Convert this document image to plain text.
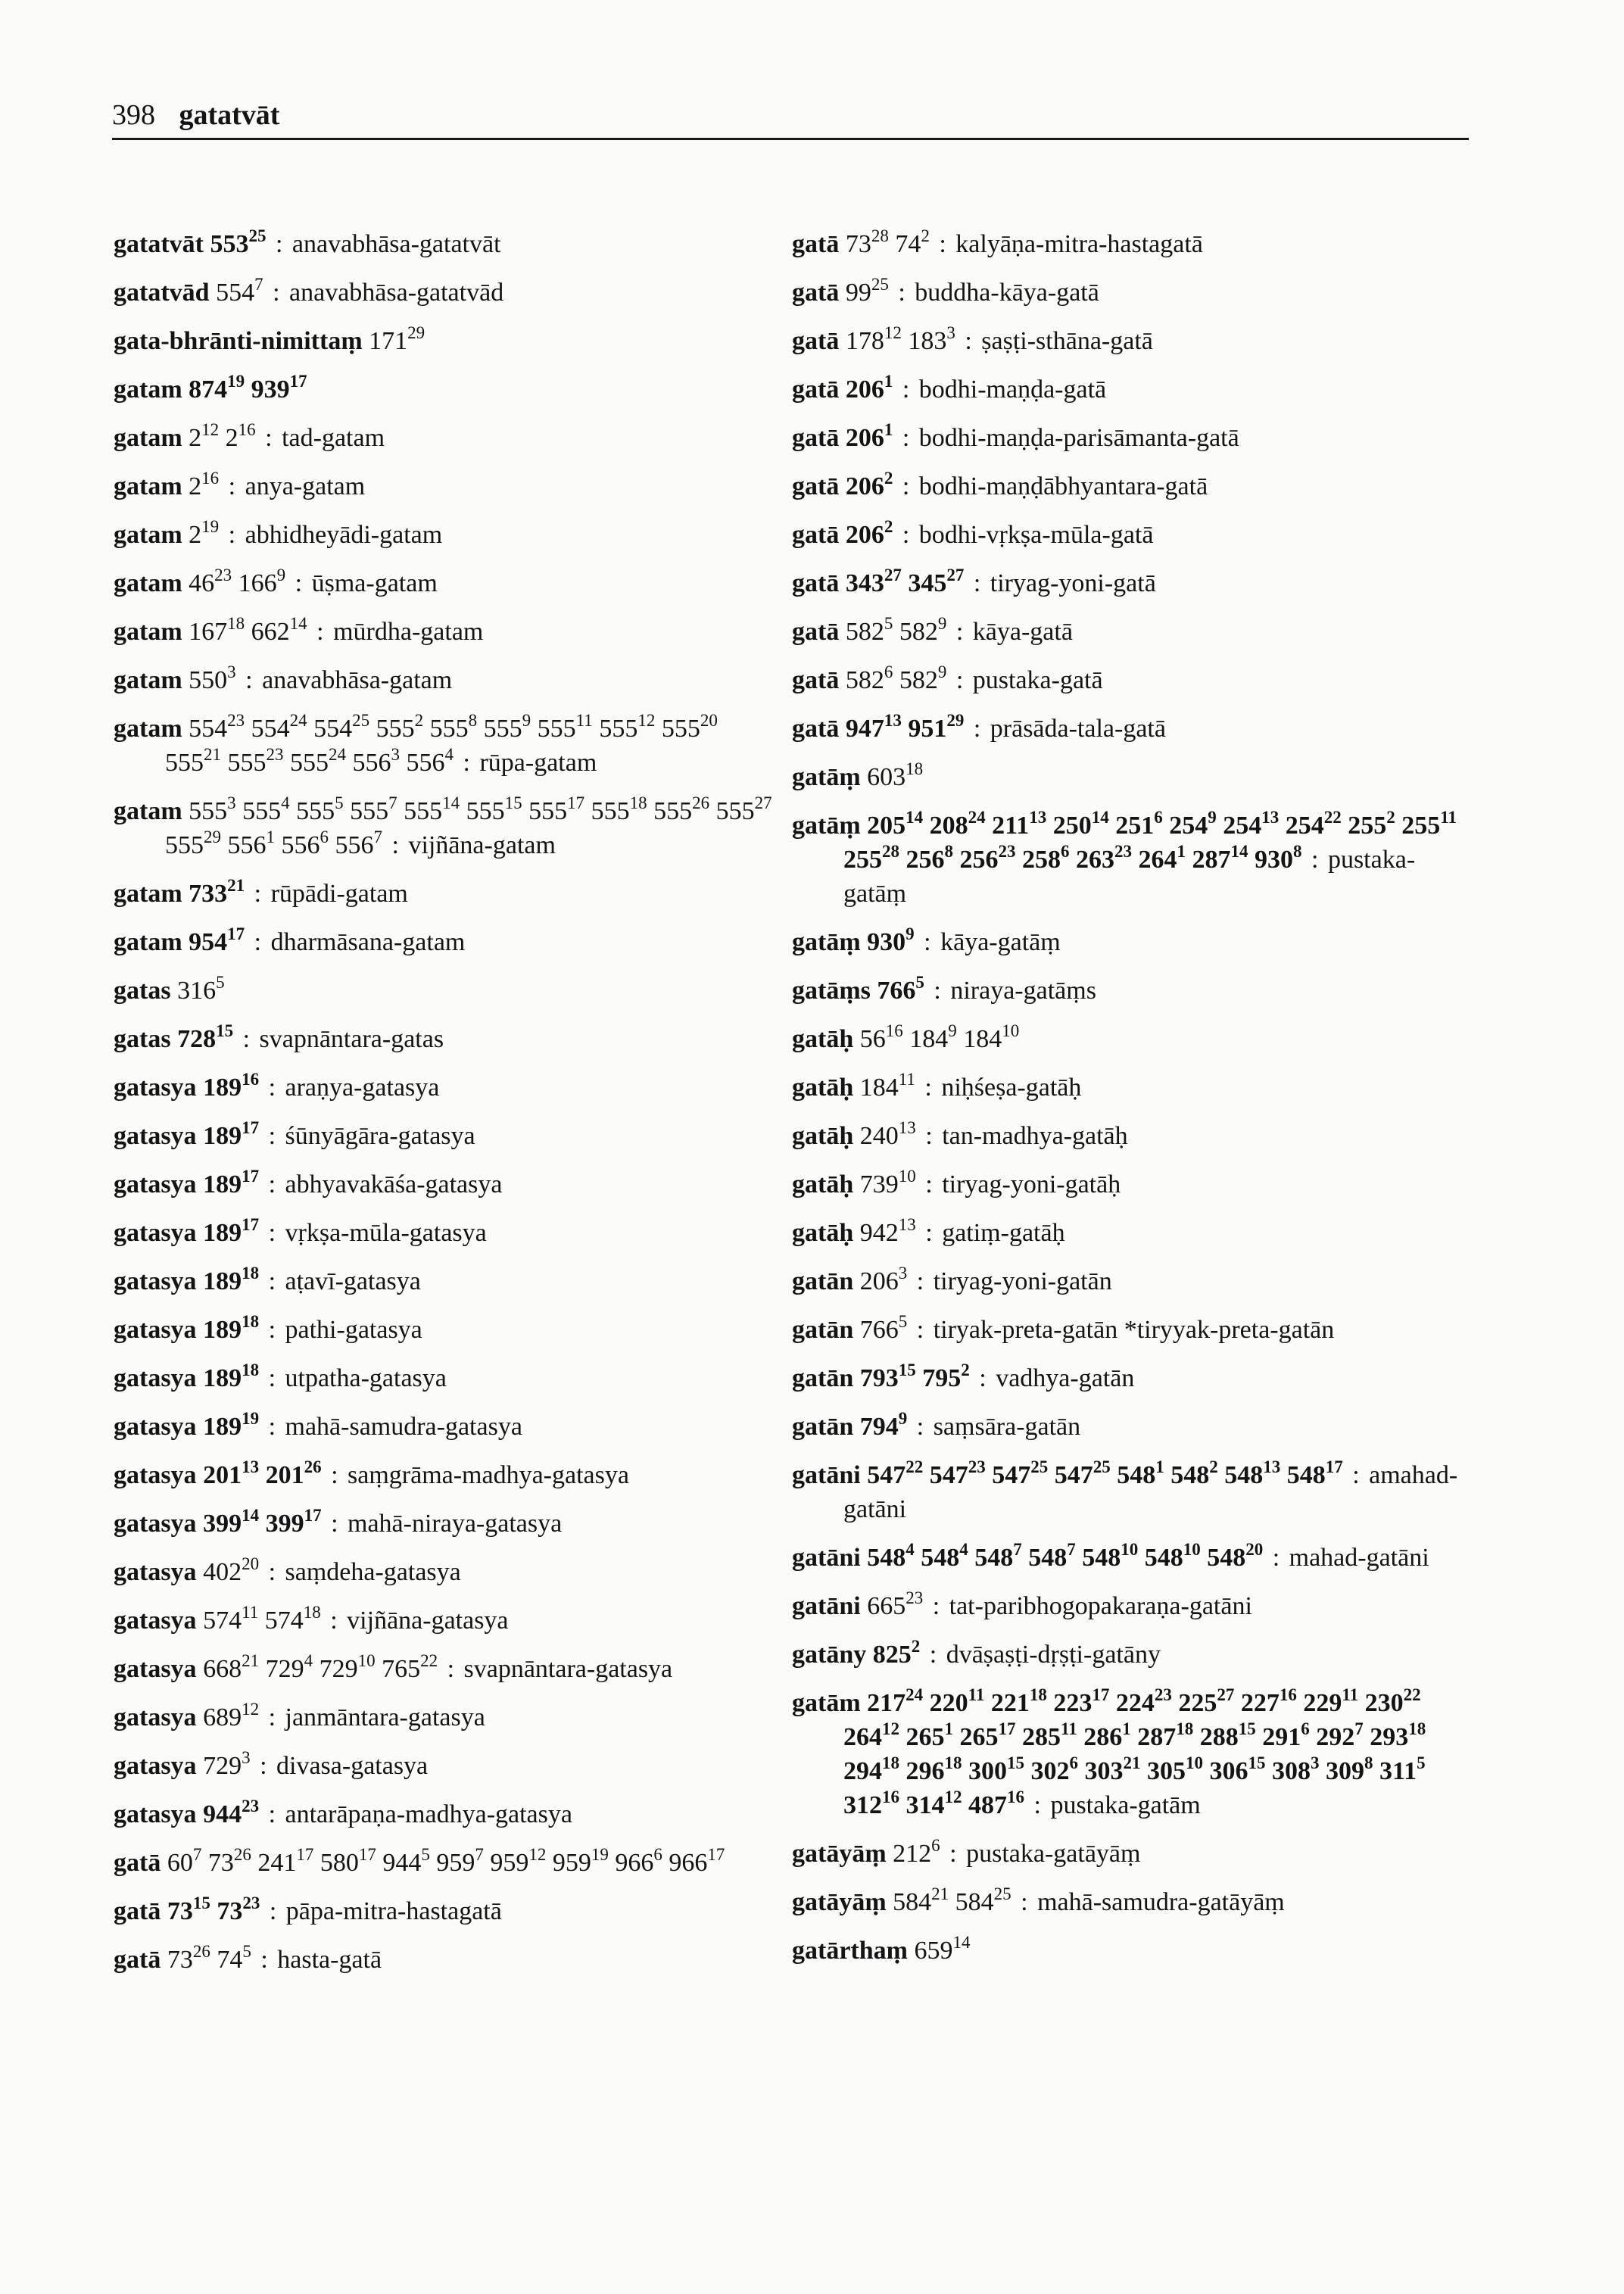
398 gatatvāt
gatatvāt $553^{25}$ : anavabhāsa-gatatvāt
gatatvād $554^7$ : anavabhāsa-gatatvād
gata-bhrānti-nimittaṃ $171^{29}$
gatam $874^{19}$ $939^{17}$
gatam $2^{12}$ $2^{16}$ : tad-gatam
gatam $2^{16}$ : anya-gatam
gatam $2^{19}$ : abhidheyādi-gatam
gatam $46^{23}$ $166^9$ : ūṣma-gatam
gatam $167^{18}$ $662^{14}$ : mūrdha-gatam
gatam $550^3$ : anavabhāsa-gatam
gatam $554^{23}$ $554^{24}$ $554^{25}$ $555^2$ $555^8$ $555^9$ $555^{11}$ $555^{12}$ $555^{20}$ $555^{21}$ $555^{23}$ $555^{24}$ $556^3$ $556^4$ : rūpa-gatam
gatam $555^3$ $555^4$ $555^5$ $555^7$ $555^{14}$ $555^{15}$ $555^{17}$ $555^{18}$ $555^{26}$ $555^{27}$ $555^{29}$ $556^1$ $556^6$ $556^7$ : vijñāna-gatam
gatam $733^{21}$ : rūpādi-gatam
gatam $954^{17}$ : dharmāsana-gatam
gatas $316^5$
gatas $728^{15}$ : svapnāntara-gatas
gatasya $189^{16}$ : araṇya-gatasya
gatasya $189^{17}$ : śūnyāgāra-gatasya
gatasya $189^{17}$ : abhyavakāśa-gatasya
gatasya $189^{17}$ : vṛkṣa-mūla-gatasya
gatasya $189^{18}$ : aṭavī-gatasya
gatasya $189^{18}$ : pathi-gatasya
gatasya $189^{18}$ : utpatha-gatasya
gatasya $189^{19}$ : mahā-samudra-gatasya
gatasya $201^{13}$ $201^{26}$ : saṃgrāma-madhya-gatasya
gatasya $399^{14}$ $399^{17}$ : mahā-niraya-gatasya
gatasya $402^{20}$ : saṃdeha-gatasya
gatasya $574^{11}$ $574^{18}$ : vijñāna-gatasya
gatasya $668^{21}$ $729^4$ $729^{10}$ $765^{22}$ : svapnāntara-gatasya
gatasya $689^{12}$ : janmāntara-gatasya
gatasya $729^3$ : divasa-gatasya
gatasya $944^{23}$ : antarāpaṇa-madhya-gatasya
gatā $60^7$ $73^{26}$ $241^{17}$ $580^{17}$ $944^5$ $959^7$ $959^{12}$ $959^{19}$ $966^6$ $966^{17}$
gatā $73^{15}$ $73^{23}$ : pāpa-mitra-hastagatā
gatā $73^{26}$ $74^5$ : hasta-gatā
gatā $73^{28}$ $74^2$ : kalyāṇa-mitra-hastagatā
gatā $99^{25}$ : buddha-kāya-gatā
gatā $178^{12}$ $183^3$ : ṣaṣṭi-sthāna-gatā
gatā $206^1$ : bodhi-maṇḍa-gatā
gatā $206^1$ : bodhi-maṇḍa-parisāmanta-gatā
gatā $206^2$ : bodhi-maṇḍābhyantara-gatā
gatā $206^2$ : bodhi-vṛkṣa-mūla-gatā
gatā $343^{27}$ $345^{27}$ : tiryag-yoni-gatā
gatā $582^5$ $582^9$ : kāya-gatā
gatā $582^6$ $582^9$ : pustaka-gatā
gatā $947^{13}$ $951^{29}$ : prāsāda-tala-gatā
gatāṃ $603^{18}$
gatāṃ $205^{14}$ $208^{24}$ $211^{13}$ $250^{14}$ $251^6$ $254^9$ $254^{13}$ $254^{22}$ $255^2$ $255^{11}$ $255^{28}$ $256^8$ $256^{23}$ $258^6$ $263^{23}$ $264^1$ $287^{14}$ $930^8$ : pustaka-gatāṃ
gatāṃ $930^9$ : kāya-gatāṃ
gatāṃs $766^5$ : niraya-gatāṃs
gatāḥ $56^{16}$ $184^9$ $184^{10}$
gatāḥ $184^{11}$ : niḥśeṣa-gatāḥ
gatāḥ $240^{13}$ : tan-madhya-gatāḥ
gatāḥ $739^{10}$ : tiryag-yoni-gatāḥ
gatāḥ $942^{13}$ : gatiṃ-gatāḥ
gatān $206^3$ : tiryag-yoni-gatān
gatān $766^5$ : tiryak-preta-gatān *tiryyak-preta-gatān
gatān $793^{15}$ $795^2$ : vadhya-gatān
gatān $794^9$ : saṃsāra-gatān
gatāni $547^{22}$ $547^{23}$ $547^{25}$ $547^{25}$ $548^1$ $548^2$ $548^{13}$ $548^{17}$ : amahad-gatāni
gatāni $548^4$ $548^4$ $548^7$ $548^7$ $548^{10}$ $548^{10}$ $548^{20}$ : mahad-gatāni
gatāni $665^{23}$ : tat-paribhogopakaraṇa-gatāni
gatāny $825^2$ : dvāṣaṣṭi-dṛṣṭi-gatāny
gatām $217^{24}$ $220^{11}$ $221^{18}$ $223^{17}$ $224^{23}$ $225^{27}$ $227^{16}$ $229^{11}$ $230^{22}$ $264^{12}$ $265^1$ $265^{17}$ $285^{11}$ $286^1$ $287^{18}$ $288^{15}$ $291^6$ $292^7$ $293^{18}$ $294^{18}$ $296^{18}$ $300^{15}$ $302^6$ $303^{21}$ $305^{10}$ $306^{15}$ $308^3$ $309^8$ $311^5$ $312^{16}$ $314^{12}$ $487^{16}$ : pustaka-gatām
gatāyāṃ $212^6$ : pustaka-gatāyāṃ
gatāyāṃ $584^{21}$ $584^{25}$ : mahā-samudra-gatāyāṃ
gatārthaṃ $659^{14}$
